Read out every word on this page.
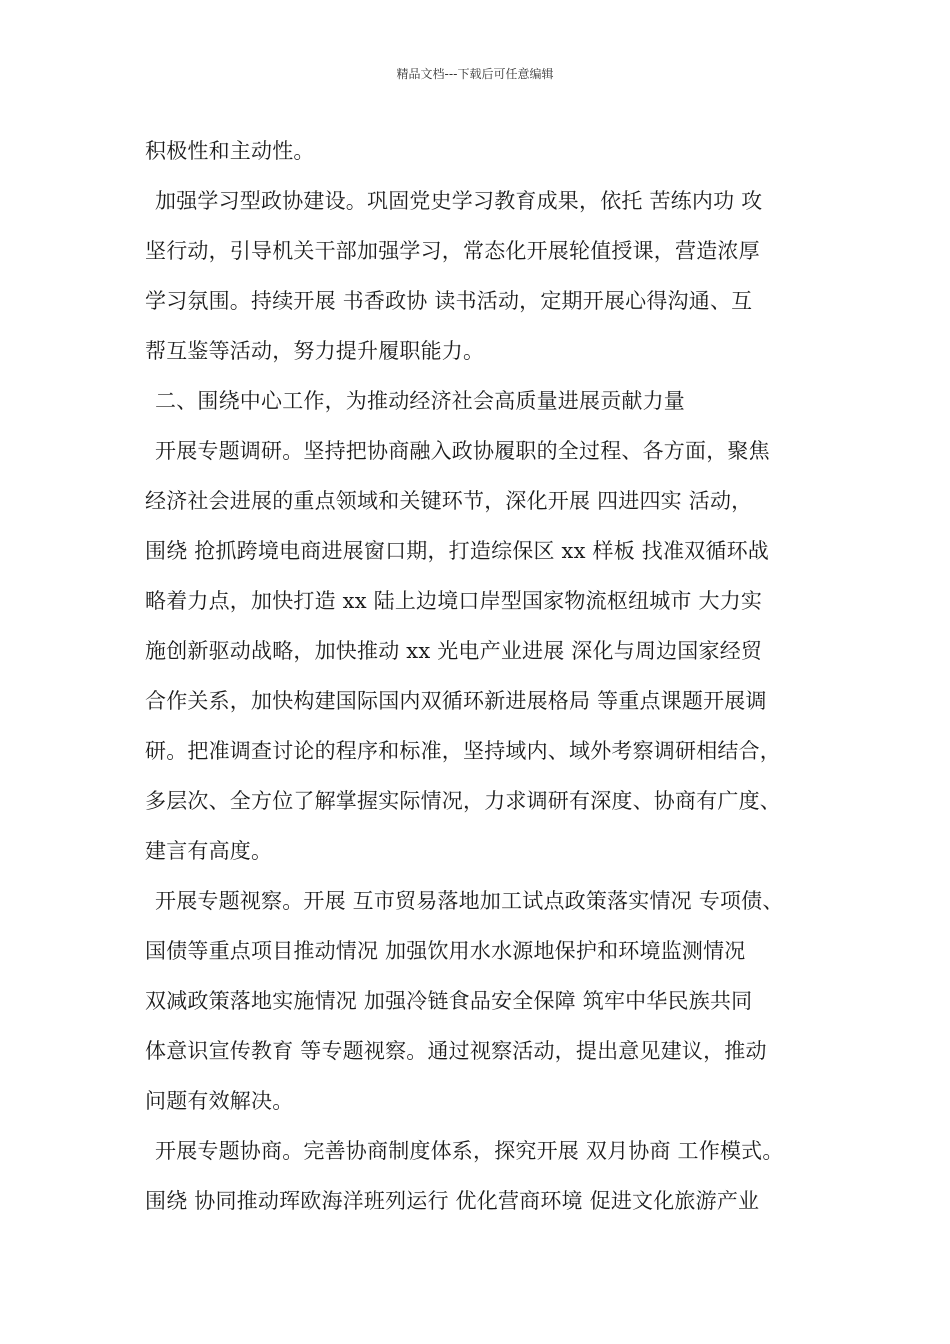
精品文档---下载后可任意编辑
积极性和主动性。
加强学习型政协建设。巩固党史学习教育成果，依托 苦练内功 攻
坚行动，引导机关干部加强学习，常态化开展轮值授课，营造浓厚
学习氛围。持续开展 书香政协 读书活动，定期开展心得沟通、互
帮互鉴等活动，努力提升履职能力。
二、围绕中心工作，为推动经济社会高质量进展贡献力量
开展专题调研。坚持把协商融入政协履职的全过程、各方面，聚焦
经济社会进展的重点领域和关键环节，深化开展 四进四实 活动，
围绕 抢抓跨境电商进展窗口期，打造综保区 xx 样板 找准双循环战
略着力点，加快打造 xx 陆上边境口岸型国家物流枢纽城市 大力实
施创新驱动战略，加快推动 xx 光电产业进展 深化与周边国家经贸
合作关系，加快构建国际国内双循环新进展格局 等重点课题开展调
研。把准调查讨论的程序和标准，坚持域内、域外考察调研相结合，
多层次、全方位了解掌握实际情况，力求调研有深度、协商有广度、
建言有高度。
开展专题视察。开展 互市贸易落地加工试点政策落实情况 专项债、
国债等重点项目推动情况 加强饮用水水源地保护和环境监测情况
双减政策落地实施情况 加强冷链食品安全保障 筑牢中华民族共同
体意识宣传教育 等专题视察。通过视察活动，提出意见建议，推动
问题有效解决。
开展专题协商。完善协商制度体系，探究开展 双月协商 工作模式。
围绕 协同推动珲欧海洋班列运行 优化营商环境 促进文化旅游产业
